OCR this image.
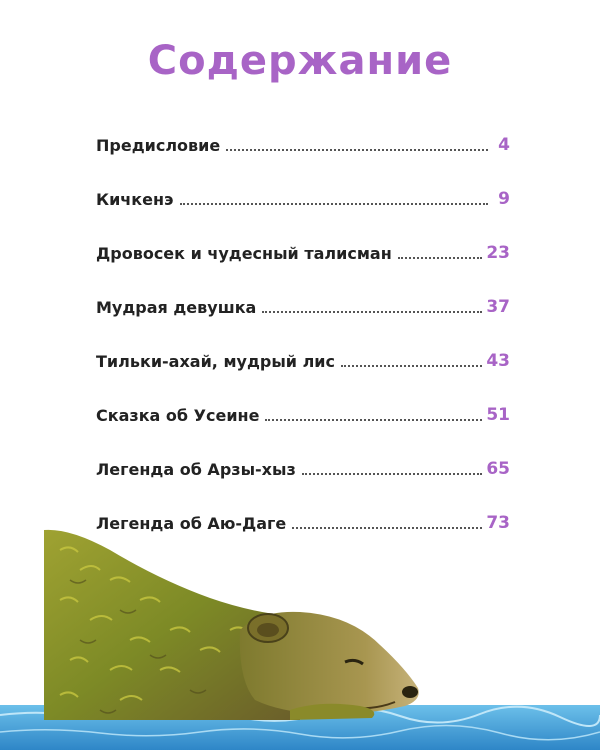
Содержание
Предисловие	4
Кичкенэ	9
Дровосек и чудесный талисман	23
Мудрая девушка	37
Тильки-ахай, мудрый лис	43
Сказка об Усеине	51
Легенда об Арзы-хыз	65
Легенда об Аю-Даге	73
